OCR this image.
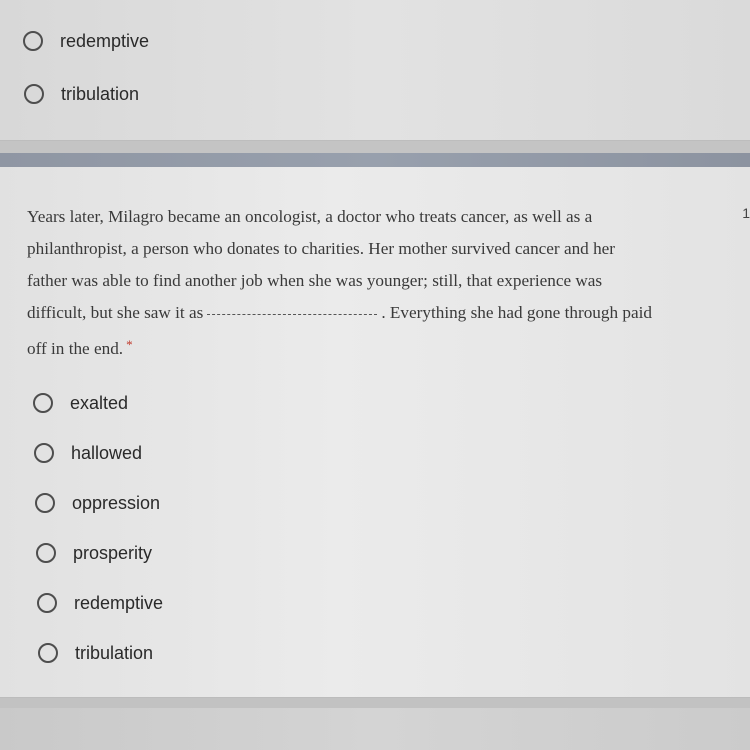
redemptive
tribulation
Years later, Milagro became an oncologist, a doctor who treats cancer, as well as a
philanthropist, a person who donates to charities. Her mother survived cancer and her
father was able to find another job when she was younger; still, that experience was
difficult, but she saw it as	. Everything she had gone through paid
off in the end. *
1
exalted
hallowed
oppression
prosperity
redemptive
tribulation
